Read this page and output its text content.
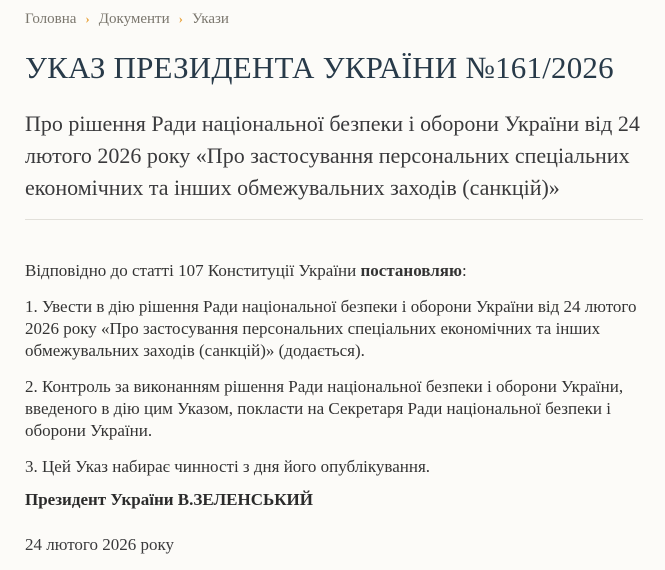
Головна › Документи › Укази
УКАЗ ПРЕЗИДЕНТА УКРАЇНИ №161/2026

Про рішення Ради національної безпеки і оборони України від 24 лютого 2026 року «Про застосування персональних спеціальних економічних та інших обмежувальних заходів (санкцій)»

Відповідно до статті 107 Конституції України постановляю:

1. Увести в дію рішення Ради національної безпеки і оборони України від 24 лютого 2026 року «Про застосування персональних спеціальних економічних та інших обмежувальних заходів (санкцій)» (додається).

2. Контроль за виконанням рішення Ради національної безпеки і оборони України, введеного в дію цим Указом, покласти на Секретаря Ради національної безпеки і оборони України.

3. Цей Указ набирає чинності з дня його опублікування.

Президент України В.ЗЕЛЕНСЬКИЙ

24 лютого 2026 року
